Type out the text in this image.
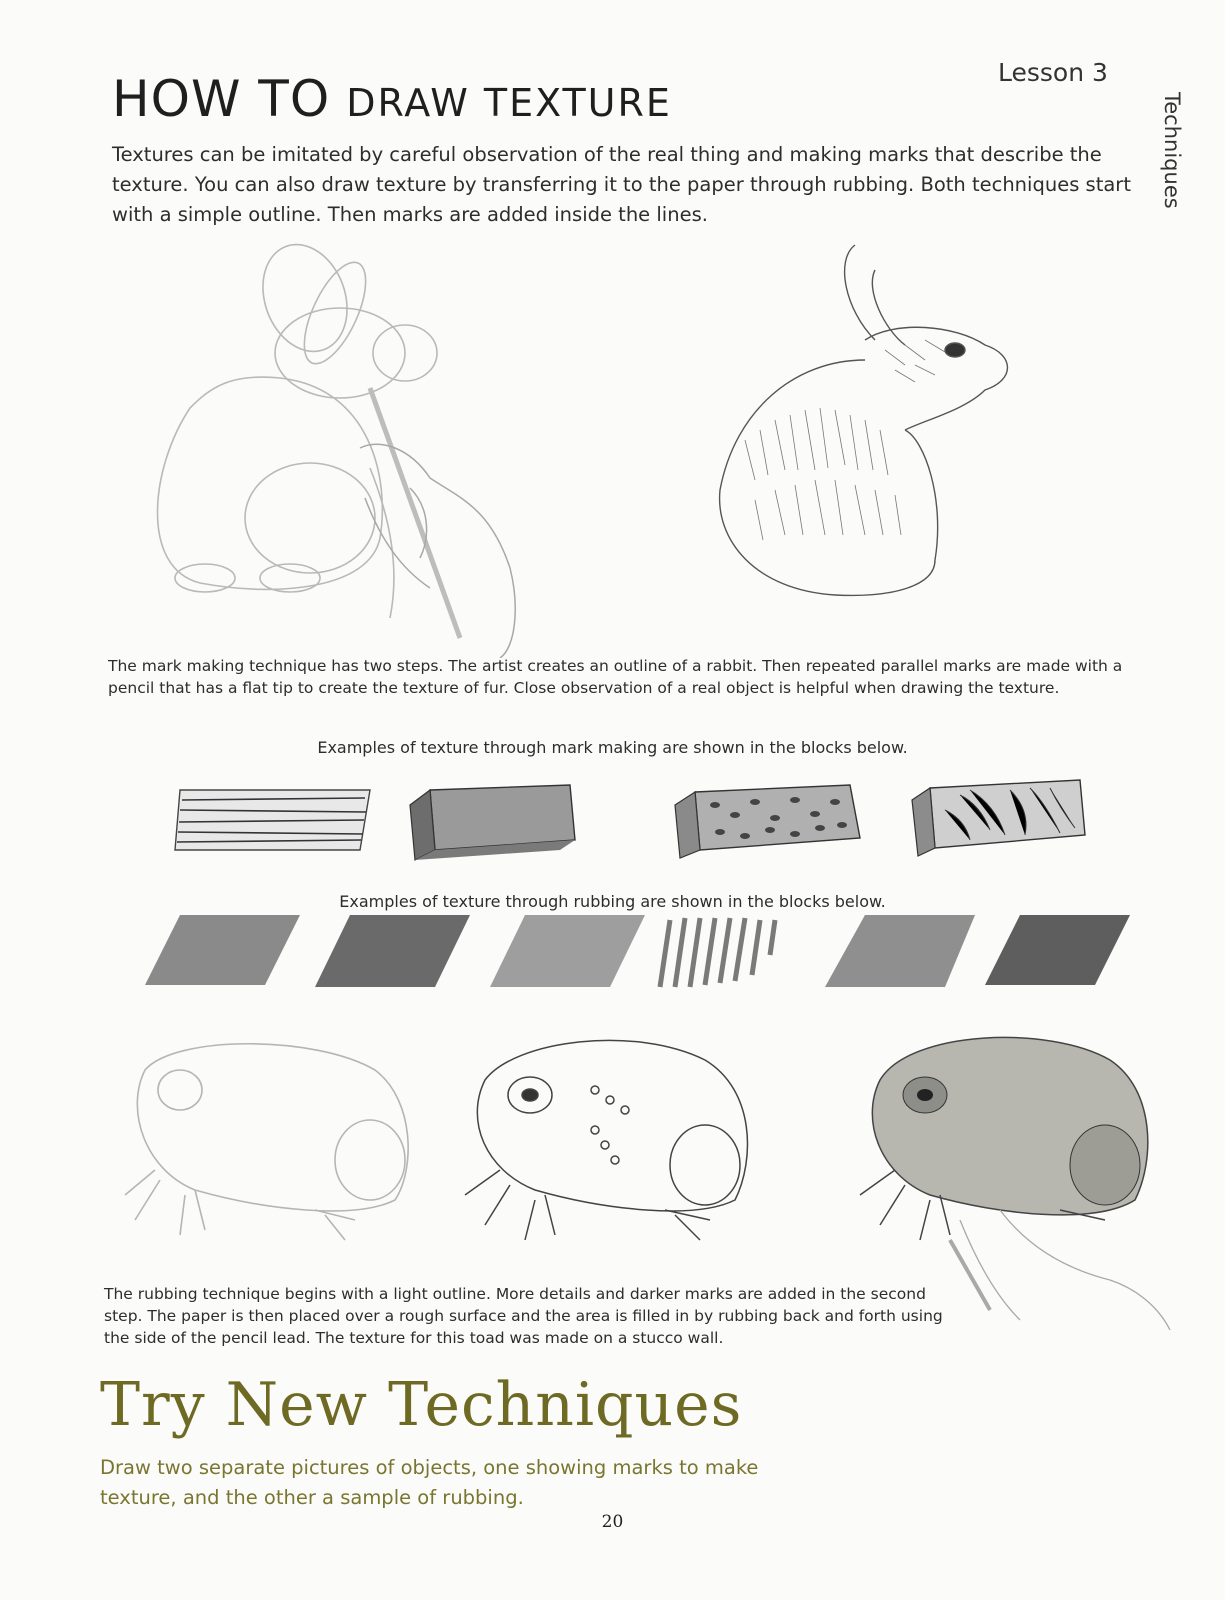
HOW TO DRAW TEXTURE
Lesson 3
Techniques
Textures can be imitated by careful observation of the real thing and making marks that describe the texture. You can also draw texture by transferring it to the paper through rubbing. Both techniques start with a simple outline. Then marks are added inside the lines.
The mark making technique has two steps. The artist creates an outline of a rabbit. Then repeated parallel marks are made with a pencil that has a flat tip to create the texture of fur. Close observation of a real object is helpful when drawing the texture.
Examples of texture through mark making are shown in the blocks below.
Examples of texture through rubbing are shown in the blocks below.
The rubbing technique begins with a light outline. More details and darker marks are added in the second step. The paper is then placed over a rough surface and the area is filled in by rubbing back and forth using the side of the pencil lead. The texture for this toad was made on a stucco wall.
Try New Techniques
Draw two separate pictures of objects, one showing marks to make texture, and the other a sample of rubbing.
20
